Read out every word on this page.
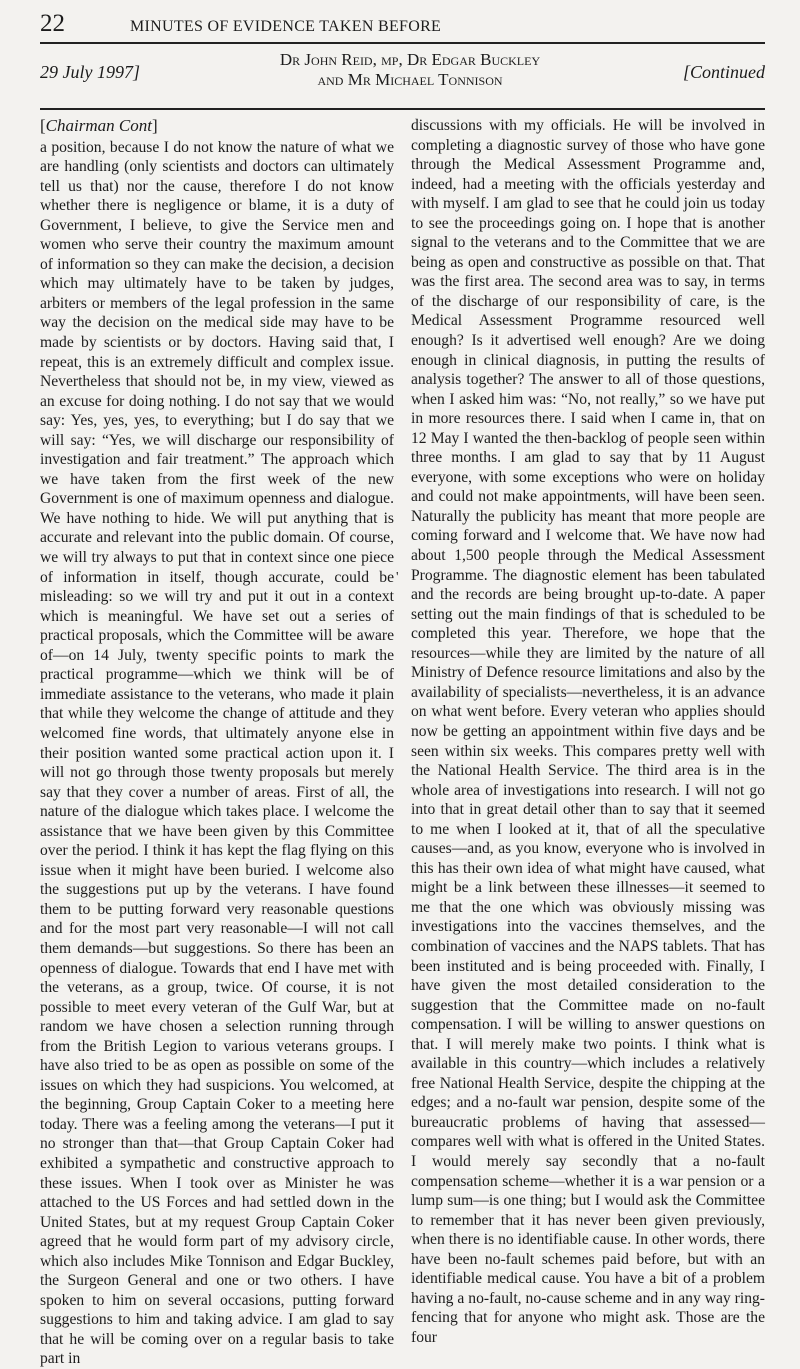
22	MINUTES OF EVIDENCE TAKEN BEFORE
29 July 1997]
Dr John Reid, mp, Dr Edgar Buckley
and Mr Michael Tonnison	[Continued
[Chairman Cont]

a position, because I do not know the nature of what we are handling (only scientists and doctors can ultimately tell us that) nor the cause, therefore I do not know whether there is negligence or blame, it is a duty of Government, I believe, to give the Service men and women who serve their country the maximum amount of information so they can make the decision, a decision which may ultimately have to be taken by judges, arbiters or members of the legal profession in the same way the decision on the medical side may have to be made by scientists or by doctors. Having said that, I repeat, this is an extremely difficult and complex issue. Nevertheless that should not be, in my view, viewed as an excuse for doing nothing. I do not say that we would say: Yes, yes, yes, to everything; but I do say that we will say: “Yes, we will discharge our responsibility of investigation and fair treatment.” The approach which we have taken from the first week of the new Government is one of maximum openness and dialogue. We have nothing to hide. We will put anything that is accurate and relevant into the public domain. Of course, we will try always to put that in context since one piece of information in itself, though accurate, could be misleading: so we will try and put it out in a context which is meaningful. We have set out a series of practical proposals, which the Committee will be aware of—on 14 July, twenty specific points to mark the practical programme—which we think will be of immediate assistance to the veterans, who made it plain that while they welcome the change of attitude and they welcomed fine words, that ultimately anyone else in their position wanted some practical action upon it. I will not go through those twenty proposals but merely say that they cover a number of areas. First of all, the nature of the dialogue which takes place. I welcome the assistance that we have been given by this Committee over the period. I think it has kept the flag flying on this issue when it might have been buried. I welcome also the suggestions put up by the veterans. I have found them to be putting forward very reasonable questions and for the most part very reasonable—I will not call them demands—but suggestions. So there has been an openness of dialogue. Towards that end I have met with the veterans, as a group, twice. Of course, it is not possible to meet every veteran of the Gulf War, but at random we have chosen a selection running through from the British Legion to various veterans groups. I have also tried to be as open as possible on some of the issues on which they had suspicions. You welcomed, at the beginning, Group Captain Coker to a meeting here today. There was a feeling among the veterans—I put it no stronger than that—that Group Captain Coker had exhibited a sympathetic and constructive approach to these issues. When I took over as Minister he was attached to the US Forces and had settled down in the United States, but at my request Group Captain Coker agreed that he would form part of my advisory circle, which also includes Mike Tonnison and Edgar Buckley, the Surgeon General and one or two others. I have spoken to him on several occasions, putting forward suggestions to him and taking advice. I am glad to say that he will be coming over on a regular basis to take part in

'

discussions with my officials. He will be involved in completing a diagnostic survey of those who have gone through the Medical Assessment Programme and, indeed, had a meeting with the officials yesterday and with myself. I am glad to see that he could join us today to see the proceedings going on. I hope that is another signal to the veterans and to the Committee that we are being as open and constructive as possible on that. That was the first area. The second area was to say, in terms of the discharge of our responsibility of care, is the Medical Assessment Programme resourced well enough? Is it advertised well enough? Are we doing enough in clinical diagnosis, in putting the results of analysis together? The answer to all of those questions, when I asked him was: “No, not really,” so we have put in more resources there. I said when I came in, that on 12 May I wanted the then-backlog of people seen within three months. I am glad to say that by 11 August everyone, with some exceptions who were on holiday and could not make appointments, will have been seen. Naturally the publicity has meant that more people are coming forward and I welcome that. We have now had about 1,500 people through the Medical Assessment Programme. The diagnostic element has been tabulated and the records are being brought up-to-date. A paper setting out the main findings of that is scheduled to be completed this year. Therefore, we hope that the resources—while they are limited by the nature of all Ministry of Defence resource limitations and also by the availability of specialists—nevertheless, it is an advance on what went before. Every veteran who applies should now be getting an appointment within five days and be seen within six weeks. This compares pretty well with the National Health Service. The third area is in the whole area of investigations into research. I will not go into that in great detail other than to say that it seemed to me when I looked at it, that of all the speculative causes—and, as you know, everyone who is involved in this has their own idea of what might have caused, what might be a link between these illnesses—it seemed to me that the one which was obviously missing was investigations into the vaccines themselves, and the combination of vaccines and the NAPS tablets. That has been instituted and is being proceeded with. Finally, I have given the most detailed consideration to the suggestion that the Committee made on no-fault compensation. I will be willing to answer questions on that. I will merely make two points. I think what is available in this country—which includes a relatively free National Health Service, despite the chipping at the edges; and a no-fault war pension, despite some of the bureaucratic problems of having that assessed—compares well with what is offered in the United States. I would merely say secondly that a no-fault compensation scheme—whether it is a war pension or a lump sum—is one thing; but I would ask the Committee to remember that it has never been given previously, when there is no identifiable cause. In other words, there have been no-fault schemes paid before, but with an identifiable medical cause. You have a bit of a problem having a no-fault, no-cause scheme and in any way ring-fencing that for anyone who might ask. Those are the four
